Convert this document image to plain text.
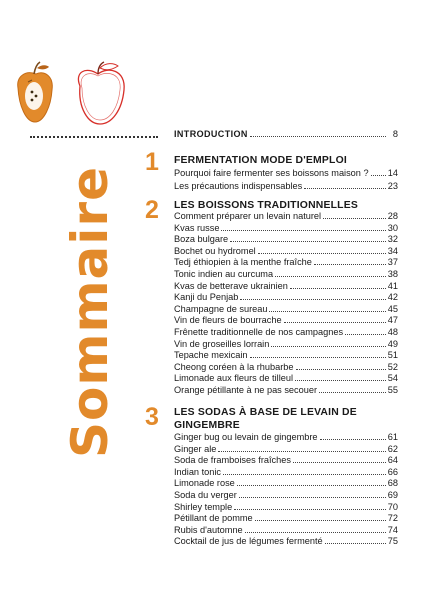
Sommaire
INTRODUCTION	8
1 FERMENTATION MODE D'EMPLOI
Pourquoi faire fermenter ses boissons maison ? 14
Les précautions indispensables	23
2 LES BOISSONS TRADITIONNELLES
Comment préparer un levain naturel	28
Kvas russe	30
Boza bulgare	32
Bochet ou hydromel	34
Tedj éthiopien à la menthe fraîche	37
Tonic indien au curcuma	38
Kvas de betterave ukrainien	41
Kanji du Penjab	42
Champagne de sureau	45
Vin de fleurs de bourrache	47
Frênette traditionnelle de nos campagnes	48
Vin de groseilles lorrain	49
Tepache mexicain	51
Cheong coréen à la rhubarbe	52
Limonade aux fleurs de tilleul	54
Orange pétillante à ne pas secouer	55
3 LES SODAS À BASE DE LEVAIN DE GINGEMBRE
Ginger bug ou levain de gingembre	61
Ginger ale	62
Soda de framboises fraîches	64
Indian tonic	66
Limonade rose	68
Soda du verger	69
Shirley temple	70
Pétillant de pomme	72
Rubis d'automne	74
Cocktail de jus de légumes fermenté	75
